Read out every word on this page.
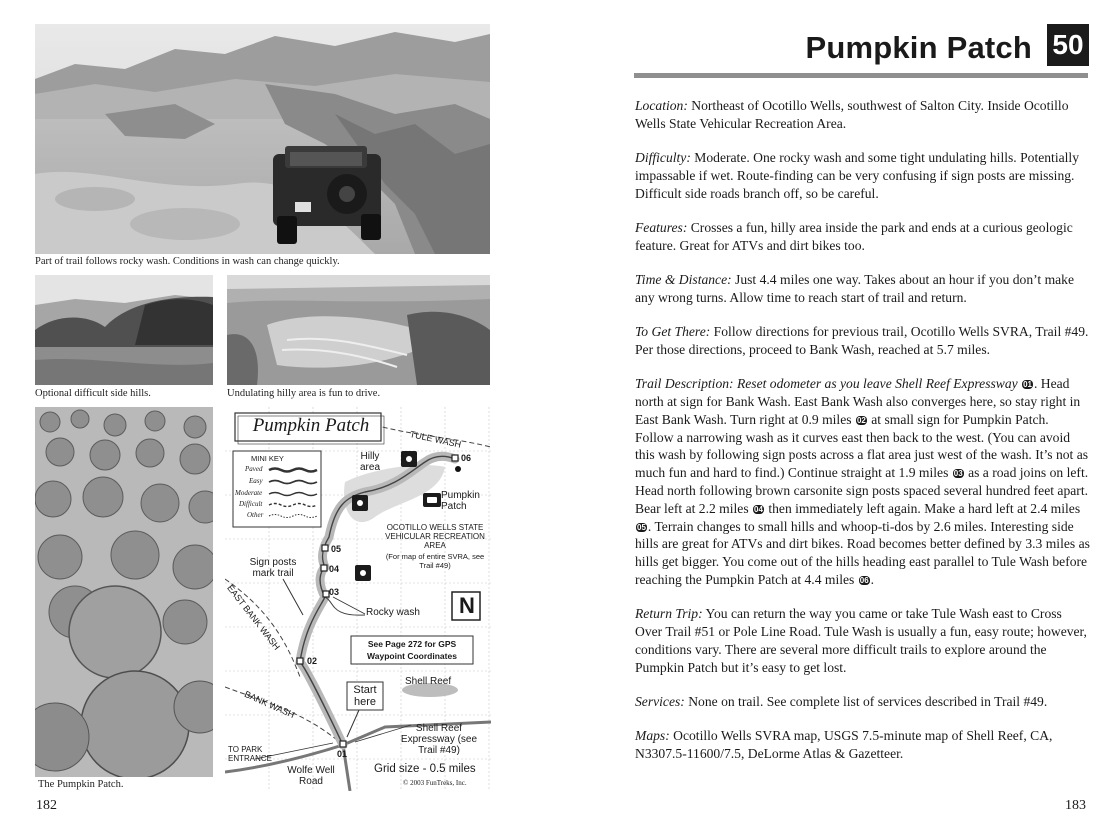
Part of trail follows rocky wash. Conditions in wash can change quickly.
Optional difficult side hills.	Undulating hilly area is fun to drive.
The Pumpkin Patch.
Pumpkin Patch
MINI KEY
Paved
Easy
Moderate
Difficult
Other
TULE WASH
Hilly area
06
Pumpkin Patch
OCOTILLO WELLS STATE VEHICULAR RECREATION AREA
(For map of entire SVRA, see Trail #49)
05
Sign posts mark trail	04
03
EAST BANK WASH	Rocky wash N
See Page 272 for GPS Waypoint Coordinates
02
Shell Reef
Start here
BANK WASH
Shell Reef Expressway (see Trail #49)
01
TO PARK ENTRANCE
Wolfe Well Road
Grid size - 0.5 miles
© 2003 FunTreks, Inc.
182
Pumpkin Patch 50

Location: Northeast of Ocotillo Wells, southwest of Salton City. Inside Ocotillo Wells State Vehicular Recreation Area.

Difficulty: Moderate. One rocky wash and some tight undulating hills. Potentially impassable if wet. Route-finding can be very confusing if sign posts are missing. Difficult side roads branch off, so be careful.

Features: Crosses a fun, hilly area inside the park and ends at a curious geologic feature. Great for ATVs and dirt bikes too.

Time & Distance: Just 4.4 miles one way. Takes about an hour if you don’t make any wrong turns. Allow time to reach start of trail and return.

To Get There: Follow directions for previous trail, Ocotillo Wells SVRA, Trail #49. Per those directions, proceed to Bank Wash, reached at 5.7 miles.

Trail Description: Reset odometer as you leave Shell Reef Expressway 01 . Head north at sign for Bank Wash. East Bank Wash also converges here, so stay right in East Bank Wash. Turn right at 0.9 miles 02 at small sign for Pumpkin Patch. Follow a narrowing wash as it curves east then back to the west. (You can avoid this wash by following sign posts across a flat area just west of the wash. It’s not as much fun and hard to find.) Continue straight at 1.9 miles 03 as a road joins on left. Head north following brown carsonite sign posts spaced several hundred feet apart. Bear left at 2.2 miles 04 then immediately left again. Make a hard left at 2.4 miles 05 . Terrain changes to small hills and whoop-ti-dos by 2.6 miles. Interesting side hills are great for ATVs and dirt bikes. Road becomes better defined by 3.3 miles as hills get bigger. You come out of the hills heading east parallel to Tule Wash before reaching the Pumpkin Patch at 4.4 miles 06 .

Return Trip: You can return the way you came or take Tule Wash east to Cross Over Trail #51 or Pole Line Road. Tule Wash is usually a fun, easy route; however, conditions vary. There are several more difficult trails to explore around the Pumpkin Patch but it’s easy to get lost.

Services: None on trail. See complete list of services described in Trail #49.

Maps: Ocotillo Wells SVRA map, USGS 7.5-minute map of Shell Reef, CA, N3307.5-11600/7.5, DeLorme Atlas & Gazetteer.

183
